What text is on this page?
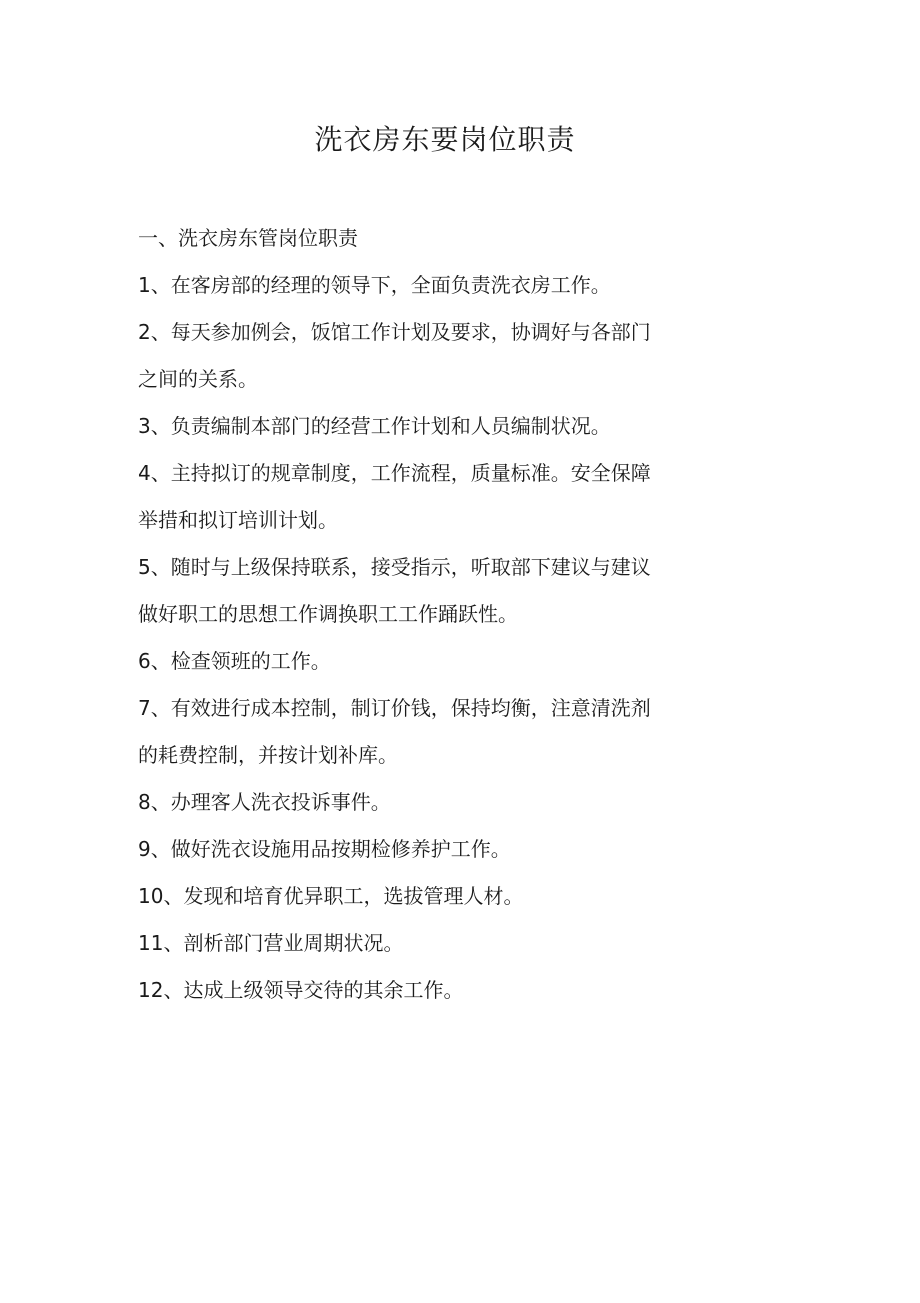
洗衣房东要岗位职责
一、洗衣房东管岗位职责
1、在客房部的经理的领导下，全面负责洗衣房工作。
2、每天参加例会，饭馆工作计划及要求，协调好与各部门
之间的关系。
3、负责编制本部门的经营工作计划和人员编制状况。
4、主持拟订的规章制度，工作流程，质量标准。安全保障
举措和拟订培训计划。
5、随时与上级保持联系，接受指示，听取部下建议与建议
做好职工的思想工作调换职工工作踊跃性。
6、检查领班的工作。
7、有效进行成本控制，制订价钱，保持均衡，注意清洗剂
的耗费控制，并按计划补库。
8、办理客人洗衣投诉事件。
9、做好洗衣设施用品按期检修养护工作。
10、发现和培育优异职工，选拔管理人材。
11、剖析部门营业周期状况。
12、达成上级领导交待的其余工作。
